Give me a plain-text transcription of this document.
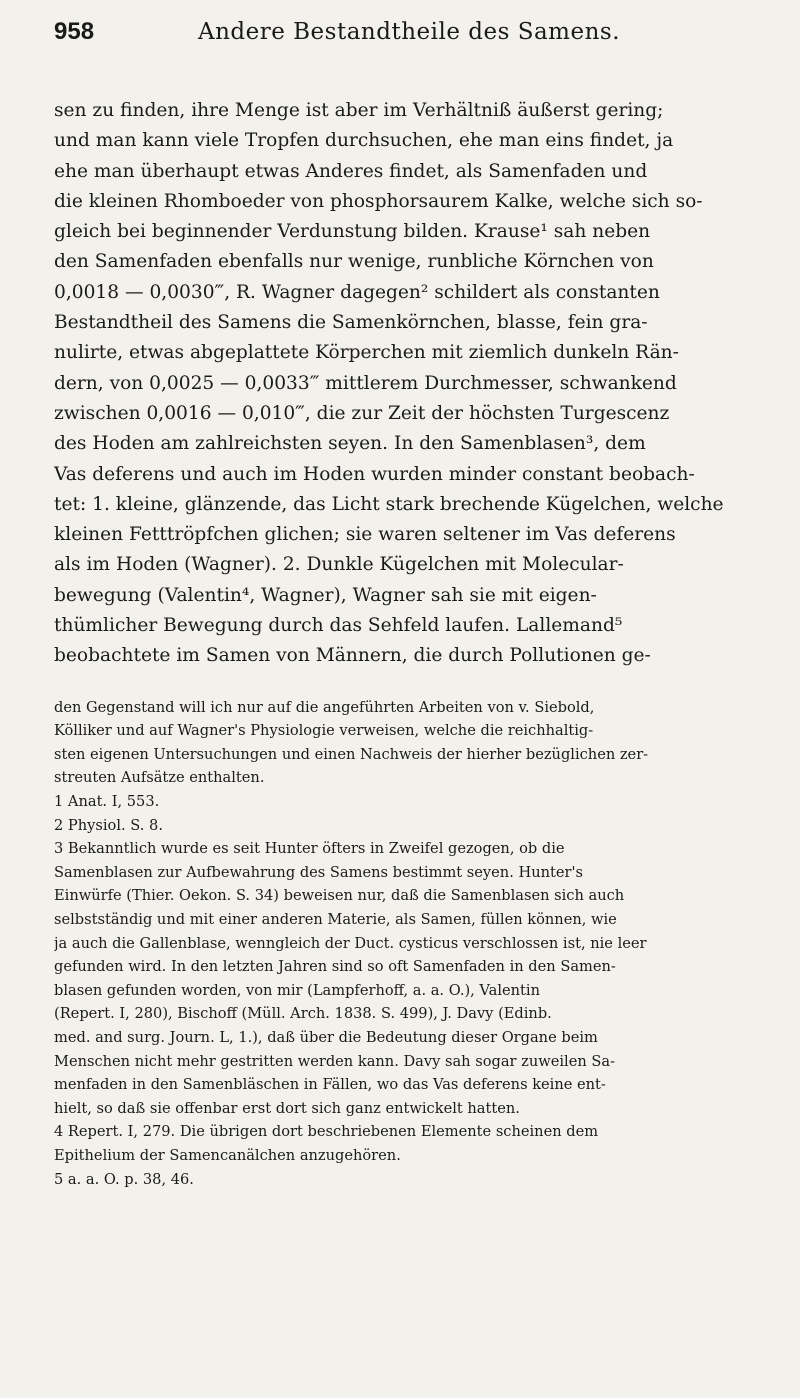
958	Andere Bestandtheile des Samens.
sen zu finden, ihre Menge ist aber im Verhältniß äußerst gering;
und man kann viele Tropfen durchsuchen, ehe man eins findet, ja
ehe man überhaupt etwas Anderes findet, als Samenfaden und
die kleinen Rhomboeder von phosphorsaurem Kalke, welche sich so-
gleich bei beginnender Verdunstung bilden. Krause¹ sah neben
den Samenfaden ebenfalls nur wenige, runbliche Körnchen von
0,0018 — 0,0030‴, R. Wagner dagegen² schildert als constanten
Bestandtheil des Samens die Samenkörnchen, blasse, fein gra-
nulirte, etwas abgeplattete Körperchen mit ziemlich dunkeln Rän-
dern, von 0,0025 — 0,0033‴ mittlerem Durchmesser, schwankend
zwischen 0,0016 — 0,010‴, die zur Zeit der höchsten Turgescenz
des Hoden am zahlreichsten seyen. In den Samenblasen³, dem
Vas deferens und auch im Hoden wurden minder constant beobach-
tet: 1. kleine, glänzende, das Licht stark brechende Kügelchen, welche
kleinen Fetttröpfchen glichen; sie waren seltener im Vas deferens
als im Hoden (Wagner). 2. Dunkle Kügelchen mit Molecular-
bewegung (Valentin⁴, Wagner), Wagner sah sie mit eigen-
thümlicher Bewegung durch das Sehfeld laufen. Lallemand⁵
beobachtete im Samen von Männern, die durch Pollutionen ge-
den Gegenstand will ich nur auf die angeführten Arbeiten von v. Siebold,
Kölliker und auf Wagner's Physiologie verweisen, welche die reichhaltig-
sten eigenen Untersuchungen und einen Nachweis der hierher bezüglichen zer-
streuten Aufsätze enthalten.
1 Anat. I, 553.
2 Physiol. S. 8.
3 Bekanntlich wurde es seit Hunter öfters in Zweifel gezogen, ob die
Samenblasen zur Aufbewahrung des Samens bestimmt seyen. Hunter's
Einwürfe (Thier. Oekon. S. 34) beweisen nur, daß die Samenblasen sich auch
selbstständig und mit einer anderen Materie, als Samen, füllen können, wie
ja auch die Gallenblase, wenngleich der Duct. cysticus verschlossen ist, nie leer
gefunden wird. In den letzten Jahren sind so oft Samenfaden in den Samen-
blasen gefunden worden, von mir (Lampferhoff, a. a. O.), Valentin
(Repert. I, 280), Bischoff (Müll. Arch. 1838. S. 499), J. Davy (Edinb.
med. and surg. Journ. L, 1.), daß über die Bedeutung dieser Organe beim
Menschen nicht mehr gestritten werden kann. Davy sah sogar zuweilen Sa-
menfaden in den Samenbläschen in Fällen, wo das Vas deferens keine ent-
hielt, so daß sie offenbar erst dort sich ganz entwickelt hatten.
4 Repert. I, 279. Die übrigen dort beschriebenen Elemente scheinen dem
Epithelium der Samencanälchen anzugehören.
5 a. a. O. p. 38, 46.
